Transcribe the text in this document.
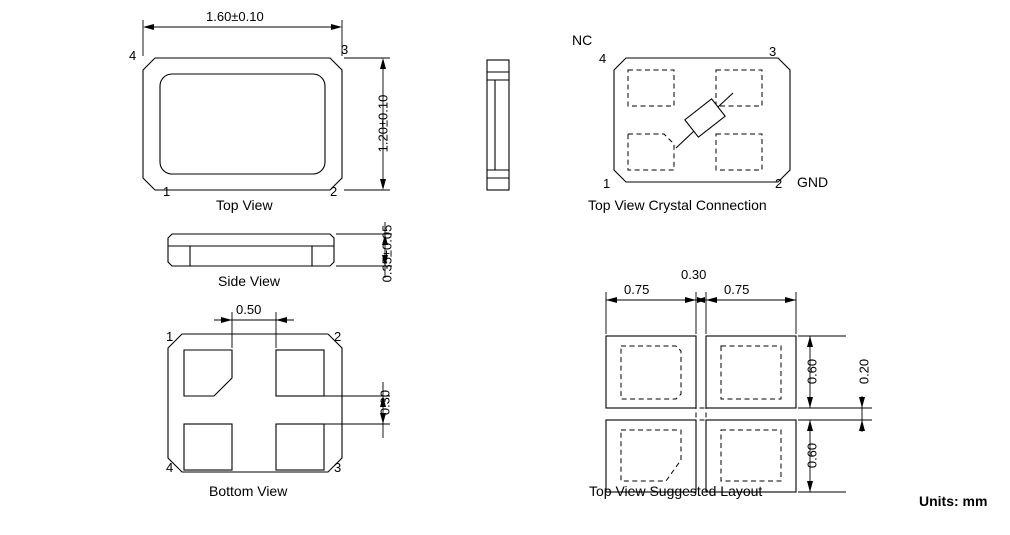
1.60±0.10
1.20±0.10
4	3
1	2
Top View
0.35±0.05
Side View
0.50
0.30
1	2
4	3
Bottom View
NC
4	3
1	2 GND
Top View Crystal Connection
0.75
0.30
0.75
0.60	0.20
0.60
Top View Suggested Layout
Units: mm
